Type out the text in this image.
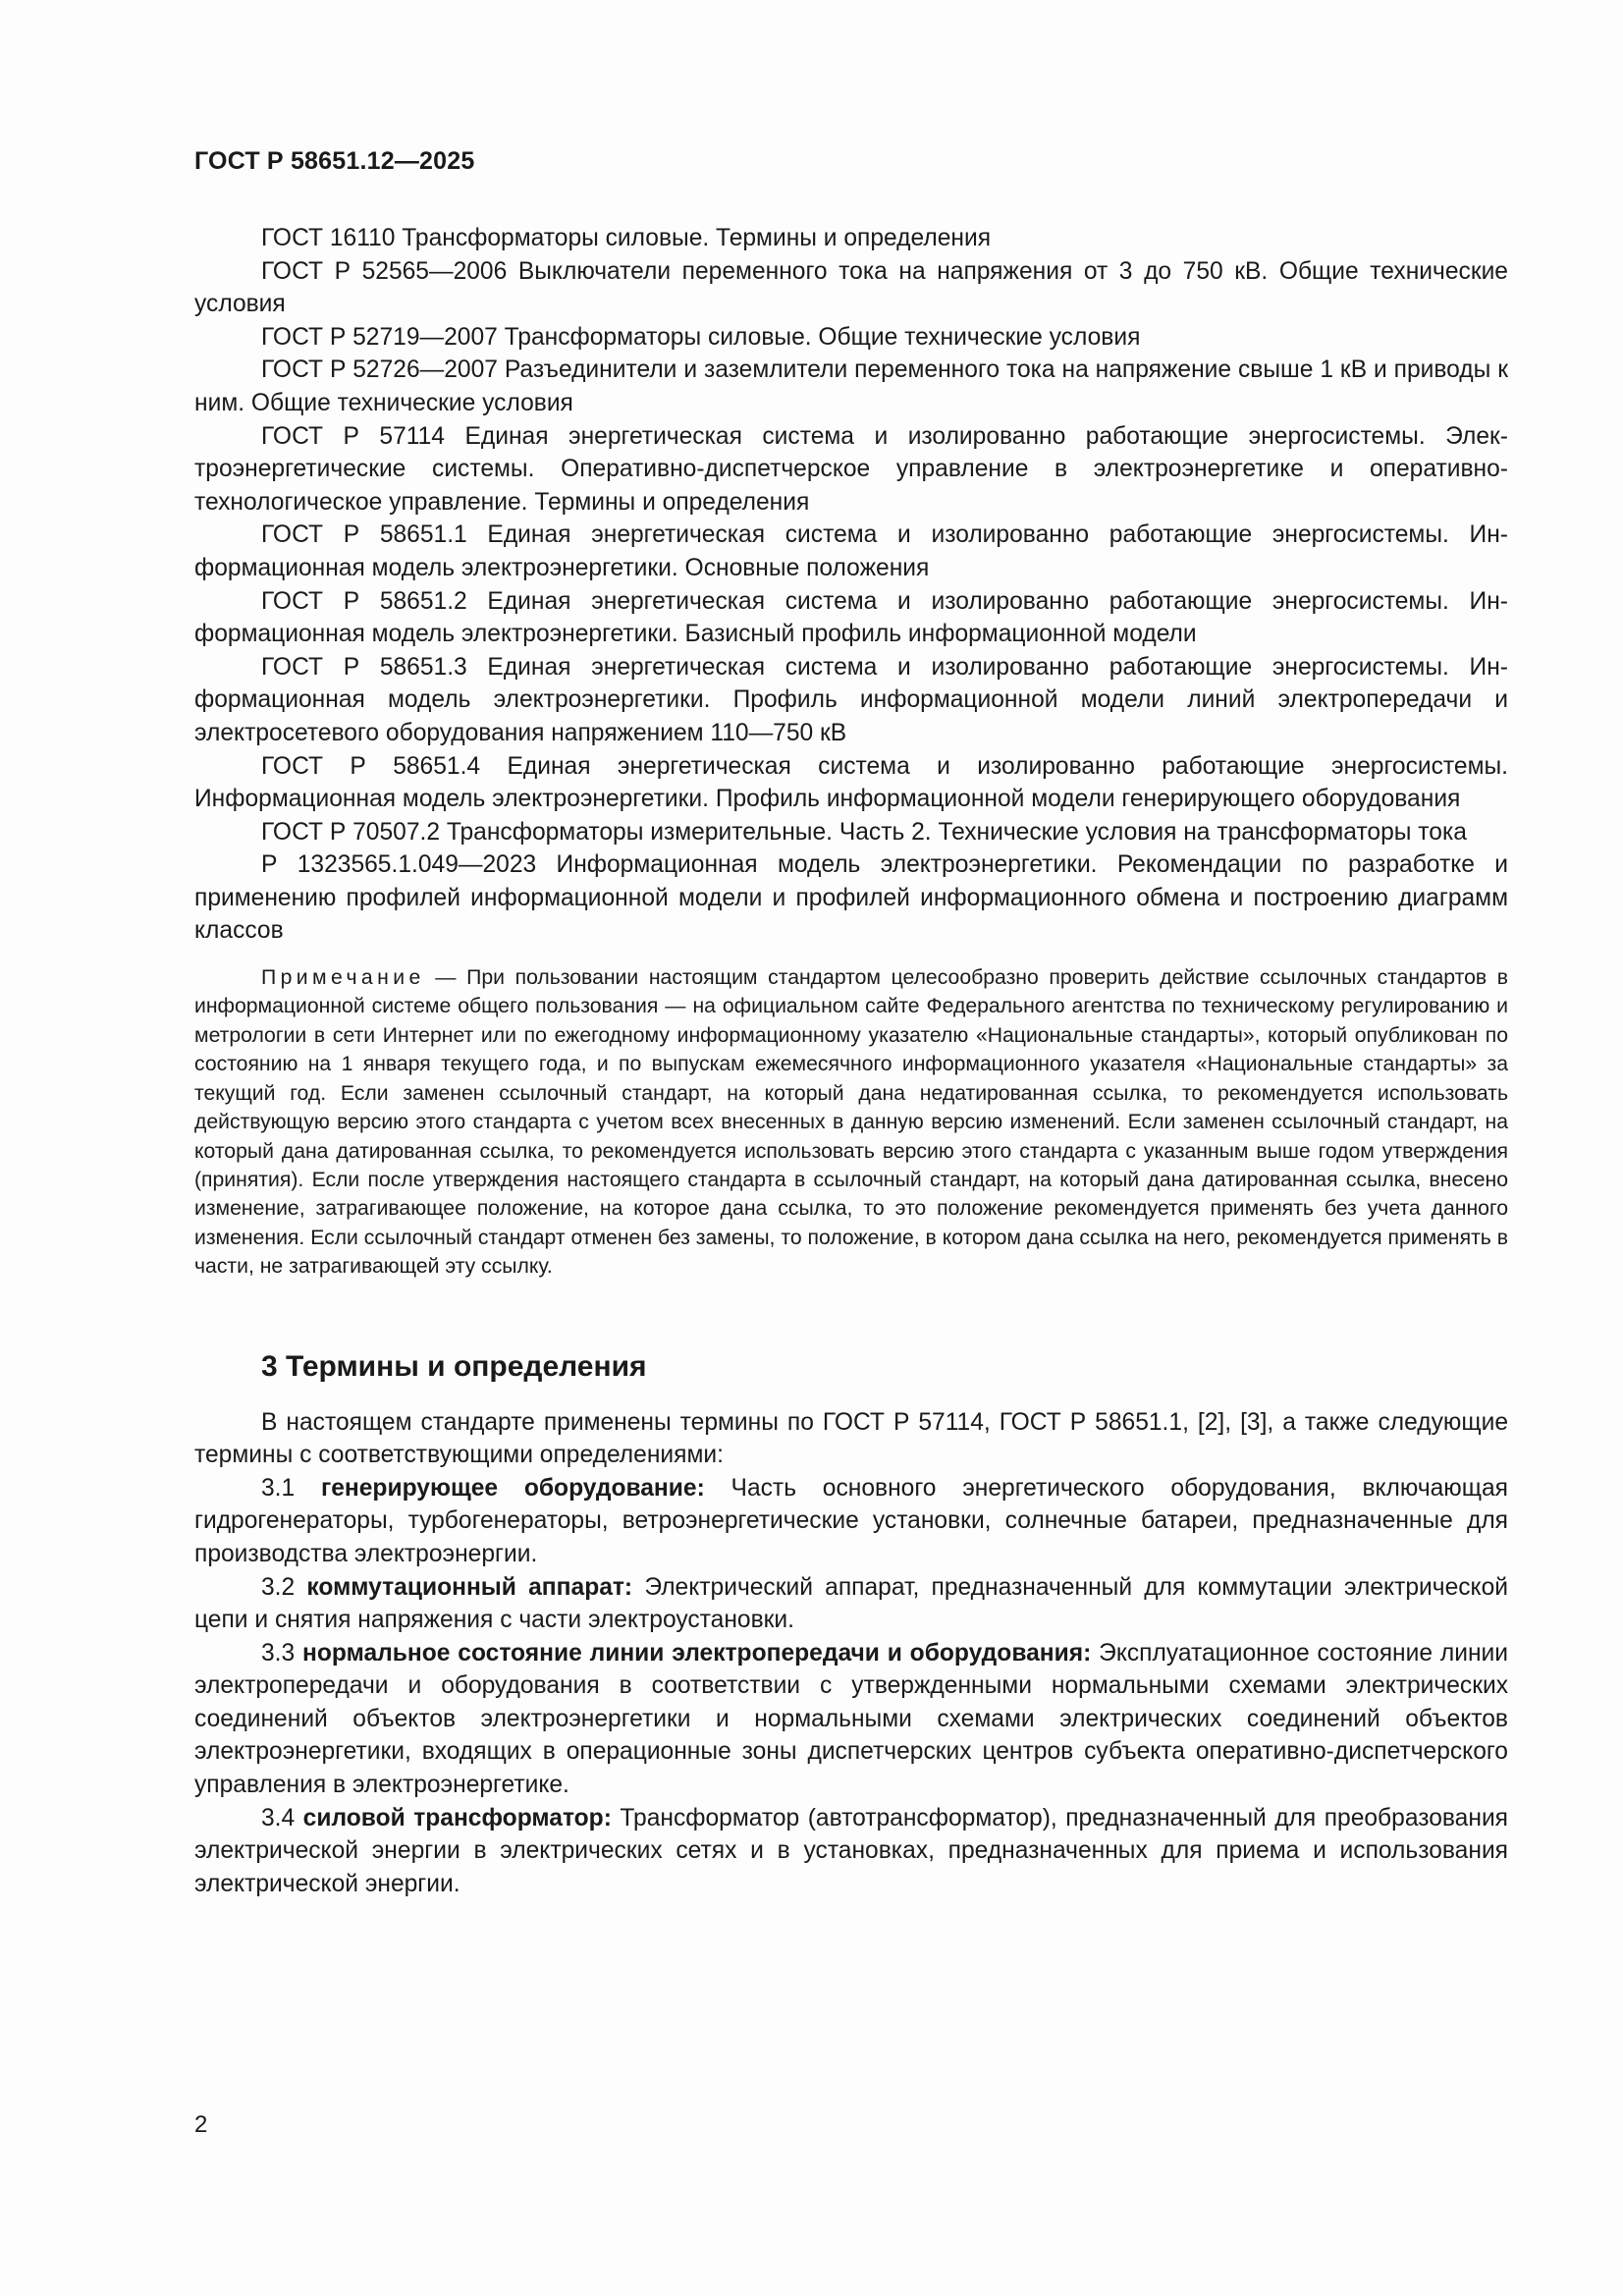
ГОСТ Р 58651.12—2025

ГОСТ 16110 Трансформаторы силовые. Термины и определения

ГОСТ Р 52565—2006 Выключатели переменного тока на напряжения от 3 до 750 кВ. Общие технические условия

ГОСТ Р 52719—2007 Трансформаторы силовые. Общие технические условия

ГОСТ Р 52726—2007 Разъединители и заземлители переменного тока на напряжение свыше 1 кВ и приводы к ним. Общие технические условия

ГОСТ Р 57114 Единая энергетическая система и изолированно работающие энергосистемы. Электроэнергетические системы. Оперативно-диспетчерское управление в электроэнергетике и оперативно-технологическое управление. Термины и определения

ГОСТ Р 58651.1 Единая энергетическая система и изолированно работающие энергосистемы. Информационная модель электроэнергетики. Основные положения

ГОСТ Р 58651.2 Единая энергетическая система и изолированно работающие энергосистемы. Информационная модель электроэнергетики. Базисный профиль информационной модели

ГОСТ Р 58651.3 Единая энергетическая система и изолированно работающие энергосистемы. Информационная модель электроэнергетики. Профиль информационной модели линий электропередачи и электросетевого оборудования напряжением 110—750 кВ

ГОСТ Р 58651.4 Единая энергетическая система и изолированно работающие энергосистемы. Информационная модель электроэнергетики. Профиль информационной модели генерирующего оборудования

ГОСТ Р 70507.2 Трансформаторы измерительные. Часть 2. Технические условия на трансформаторы тока

Р 1323565.1.049—2023 Информационная модель электроэнергетики. Рекомендации по разработке и применению профилей информационной модели и профилей информационного обмена и построению диаграмм классов

Примечание — При пользовании настоящим стандартом целесообразно проверить действие ссылочных стандартов в информационной системе общего пользования — на официальном сайте Федерального агентства по техническому регулированию и метрологии в сети Интернет или по ежегодному информационному указателю «Национальные стандарты», который опубликован по состоянию на 1 января текущего года, и по выпускам ежемесячного информационного указателя «Национальные стандарты» за текущий год. Если заменен ссылочный стандарт, на который дана недатированная ссылка, то рекомендуется использовать действующую версию этого стандарта с учетом всех внесенных в данную версию изменений. Если заменен ссылочный стандарт, на который дана датированная ссылка, то рекомендуется использовать версию этого стандарта с указанным выше годом утверждения (принятия). Если после утверждения настоящего стандарта в ссылочный стандарт, на который дана датированная ссылка, внесено изменение, затрагивающее положение, на которое дана ссылка, то это положение рекомендуется применять без учета данного изменения. Если ссылочный стандарт отменен без замены, то положение, в котором дана ссылка на него, рекомендуется применять в части, не затрагивающей эту ссылку.

3 Термины и определения

В настоящем стандарте применены термины по ГОСТ Р 57114, ГОСТ Р 58651.1, [2], [3], а также следующие термины с соответствующими определениями:

3.1 генерирующее оборудование: Часть основного энергетического оборудования, включающая гидрогенераторы, турбогенераторы, ветроэнергетические установки, солнечные батареи, предназначенные для производства электроэнергии.

3.2 коммутационный аппарат: Электрический аппарат, предназначенный для коммутации электрической цепи и снятия напряжения с части электроустановки.

3.3 нормальное состояние линии электропередачи и оборудования: Эксплуатационное состояние линии электропередачи и оборудования в соответствии с утвержденными нормальными схемами электрических соединений объектов электроэнергетики и нормальными схемами электрических соединений объектов электроэнергетики, входящих в операционные зоны диспетчерских центров субъекта оперативно-диспетчерского управления в электроэнергетике.

3.4 силовой трансформатор: Трансформатор (автотрансформатор), предназначенный для преобразования электрической энергии в электрических сетях и в установках, предназначенных для приема и использования электрической энергии.

2
